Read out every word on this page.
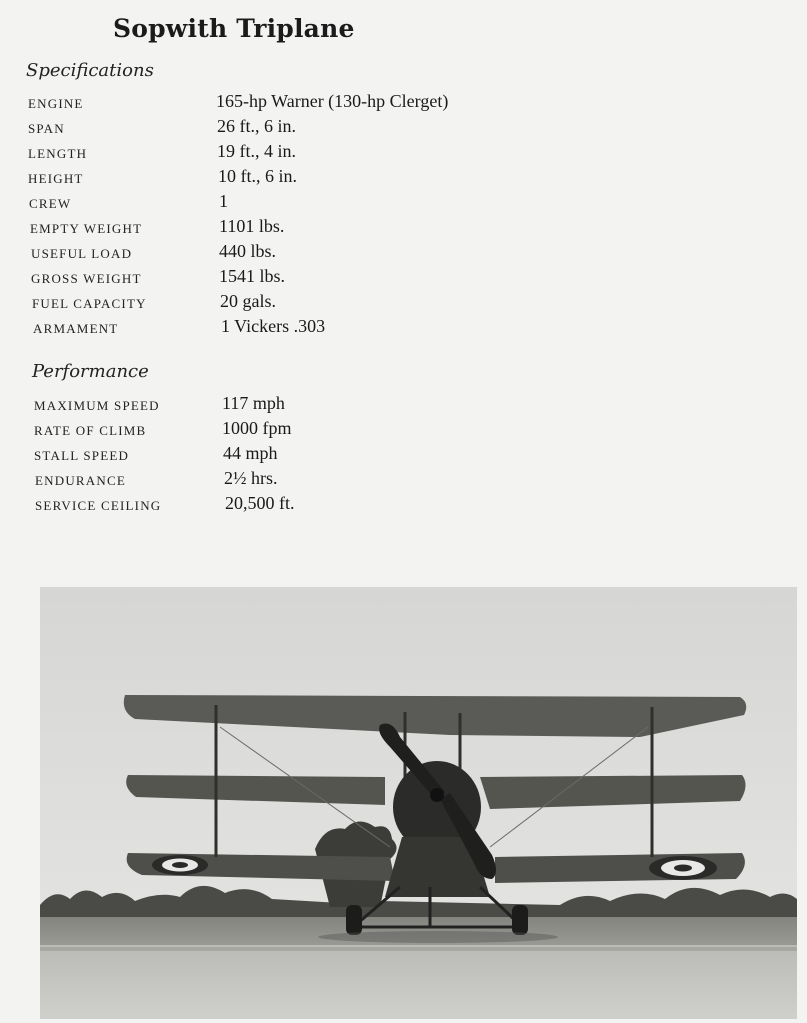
Sopwith Triplane
Specifications
ENGINE	165-hp Warner (130-hp Clerget)
SPAN	26 ft., 6 in.
LENGTH	19 ft., 4 in.
HEIGHT	10 ft., 6 in.
CREW	1
EMPTY WEIGHT	1101 lbs.
USEFUL LOAD	440 lbs.
GROSS WEIGHT	1541 lbs.
FUEL CAPACITY	20 gals.
ARMAMENT	1 Vickers .303
Performance
MAXIMUM SPEED	117 mph
RATE OF CLIMB	1000 fpm
STALL SPEED	44 mph
ENDURANCE	2½ hrs.
SERVICE CEILING	20,500 ft.
